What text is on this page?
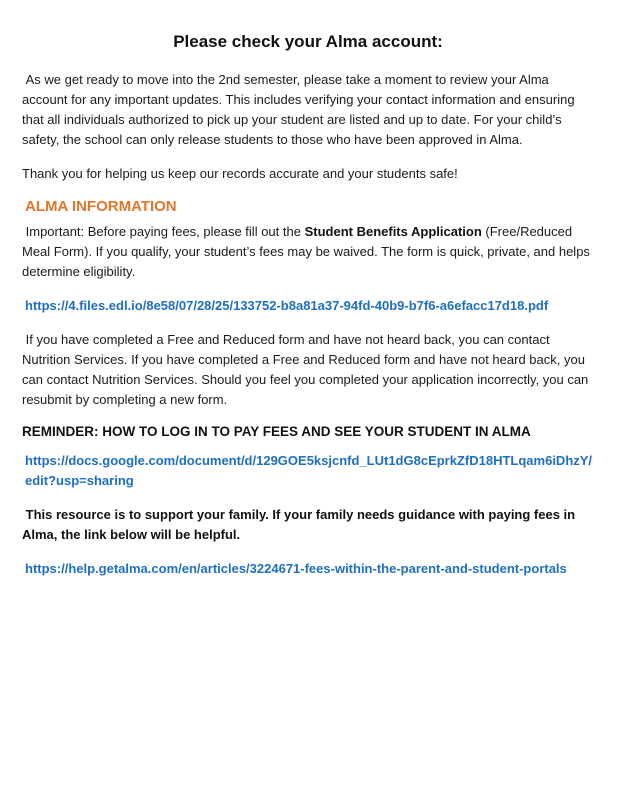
Please check your Alma account:

As we get ready to move into the 2nd semester, please take a moment to review your Alma account for any important updates. This includes verifying your contact information and ensuring that all individuals authorized to pick up your student are listed and up to date. For your child’s safety, the school can only release students to those who have been approved in Alma.

Thank you for helping us keep our records accurate and your students safe!

ALMA INFORMATION

Important: Before paying fees, please fill out the Student Benefits Application (Free/Reduced Meal Form). If you qualify, your student’s fees may be waived. The form is quick, private, and helps determine eligibility.

https://4.files.edl.io/8e58/07/28/25/133752-b8a81a37-94fd-40b9-b7f6-a6efacc17d18.pdf

If you have completed a Free and Reduced form and have not heard back, you can contact Nutrition Services. If you have completed a Free and Reduced form and have not heard back, you can contact Nutrition Services. Should you feel you completed your application incorrectly, you can resubmit by completing a new form.

REMINDER: HOW TO LOG IN TO PAY FEES AND SEE YOUR STUDENT IN ALMA

https://docs.google.com/document/d/129GOE5ksjcnfd_LUt1dG8cEprkZfD18HTLqam6iDhzY/edit?usp=sharing

This resource is to support your family. If your family needs guidance with paying fees in Alma, the link below will be helpful.

https://help.getalma.com/en/articles/3224671-fees-within-the-parent-and-student-portals
